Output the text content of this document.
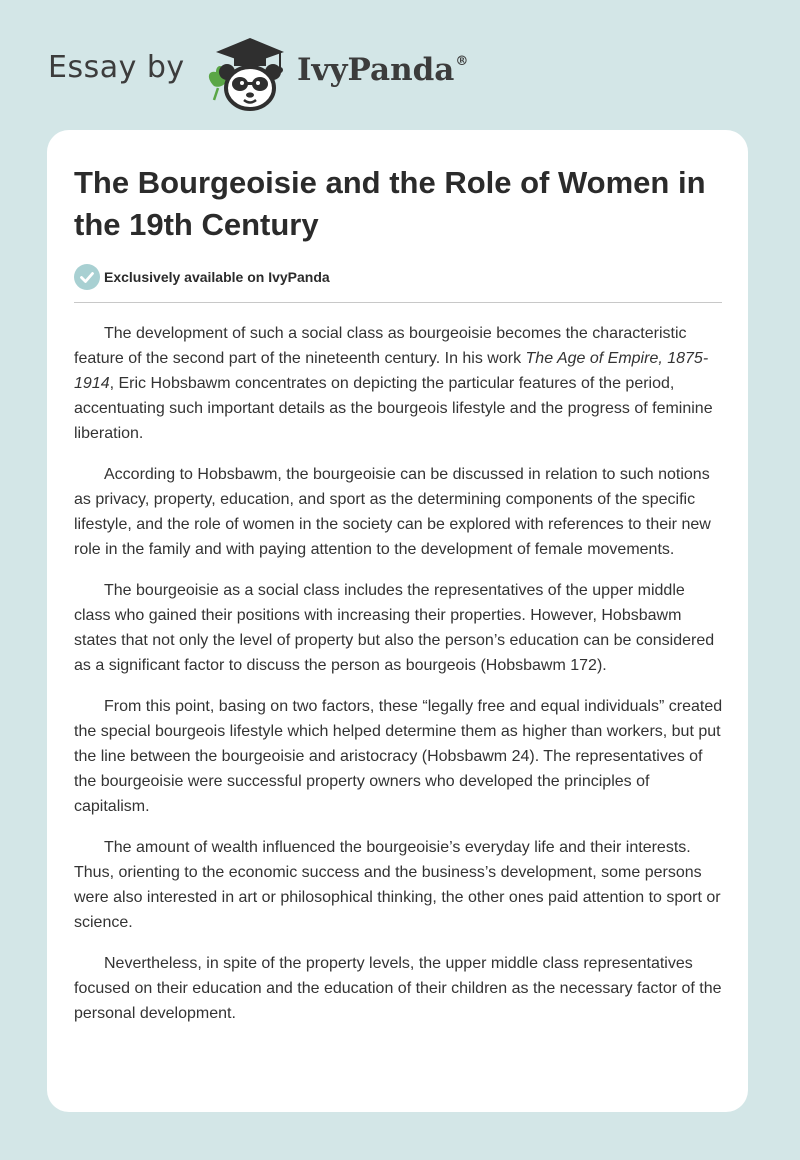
Essay by	IvyPanda®
The Bourgeoisie and the Role of Women in the 19th Century
Exclusively available on IvyPanda

The development of such a social class as bourgeoisie becomes the characteristic feature of the second part of the nineteenth century. In his work The Age of Empire, 1875-1914, Eric Hobsbawm concentrates on depicting the particular features of the period, accentuating such important details as the bourgeois lifestyle and the progress of feminine liberation.

According to Hobsbawm, the bourgeoisie can be discussed in relation to such notions as privacy, property, education, and sport as the determining components of the specific lifestyle, and the role of women in the society can be explored with references to their new role in the family and with paying attention to the development of female movements.

The bourgeoisie as a social class includes the representatives of the upper middle class who gained their positions with increasing their properties. However, Hobsbawm states that not only the level of property but also the person’s education can be considered as a significant factor to discuss the person as bourgeois (Hobsbawm 172).

From this point, basing on two factors, these “legally free and equal individuals” created the special bourgeois lifestyle which helped determine them as higher than workers, but put the line between the bourgeoisie and aristocracy (Hobsbawm 24). The representatives of the bourgeoisie were successful property owners who developed the principles of capitalism.

The amount of wealth influenced the bourgeoisie’s everyday life and their interests. Thus, orienting to the economic success and the business’s development, some persons were also interested in art or philosophical thinking, the other ones paid attention to sport or science.

Nevertheless, in spite of the property levels, the upper middle class representatives focused on their education and the education of their children as the necessary factor of the personal development.
